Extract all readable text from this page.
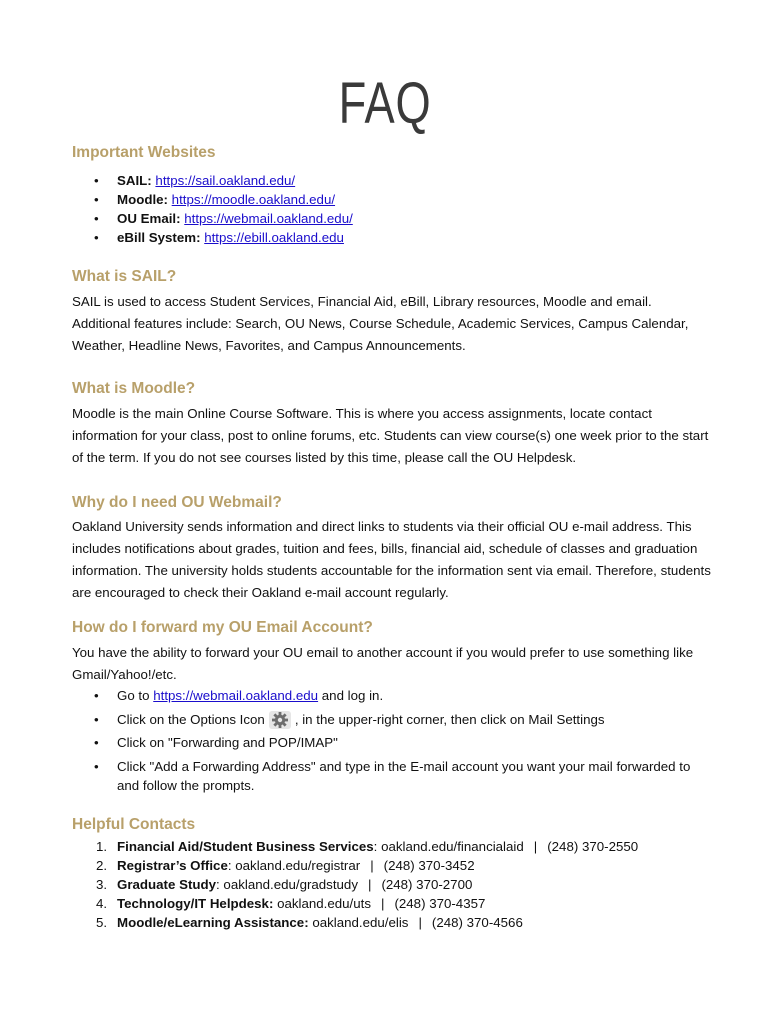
FAQ
Important Websites
• SAIL: https://sail.oakland.edu/
• Moodle: https://moodle.oakland.edu/
• OU Email: https://webmail.oakland.edu/
• eBill System: https://ebill.oakland.edu
What is SAIL?
SAIL is used to access Student Services, Financial Aid, eBill, Library resources, Moodle and email. Additional features include: Search, OU News, Course Schedule, Academic Services, Campus Calendar, Weather, Headline News, Favorites, and Campus Announcements.
What is Moodle?
Moodle is the main Online Course Software. This is where you access assignments, locate contact information for your class, post to online forums, etc. Students can view course(s) one week prior to the start of the term. If you do not see courses listed by this time, please call the OU Helpdesk.
Why do I need OU Webmail?
Oakland University sends information and direct links to students via their official OU e-mail address. This includes notifications about grades, tuition and fees, bills, financial aid, schedule of classes and graduation information. The university holds students accountable for the information sent via email. Therefore, students are encouraged to check their Oakland e-mail account regularly.
How do I forward my OU Email Account?
You have the ability to forward your OU email to another account if you would prefer to use something like Gmail/Yahoo!/etc.
• Go to https://webmail.oakland.edu and log in.
• Click on the Options Icon , in the upper-right corner, then click on Mail Settings
• Click on "Forwarding and POP/IMAP"
• Click "Add a Forwarding Address" and type in the E-mail account you want your mail forwarded to and follow the prompts.
Helpful Contacts
1. Financial Aid/Student Business Services: oakland.edu/financialaid | (248) 370-2550
2. Registrar’s Office: oakland.edu/registrar | (248) 370-3452
3. Graduate Study: oakland.edu/gradstudy | (248) 370-2700
4. Technology/IT Helpdesk: oakland.edu/uts | (248) 370-4357
5. Moodle/eLearning Assistance: oakland.edu/elis | (248) 370-4566
